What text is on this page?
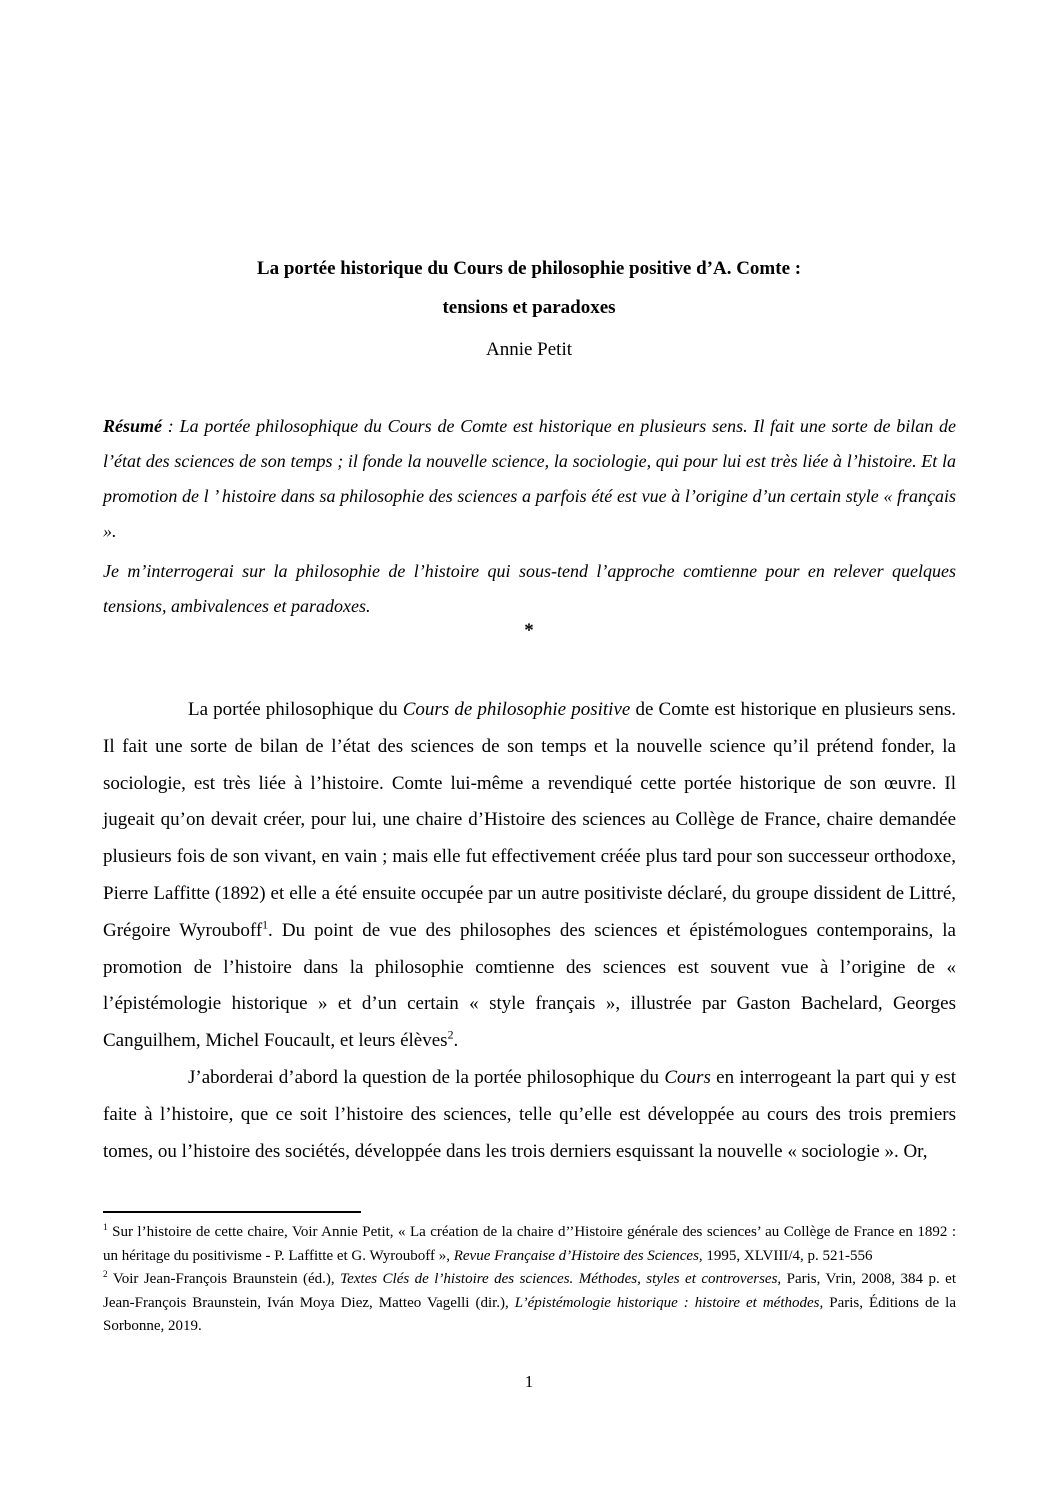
La portée historique du Cours de philosophie positive d’A. Comte :
tensions et paradoxes
Annie Petit

Résumé : La portée philosophique du Cours de Comte est historique en plusieurs sens. Il fait une sorte de bilan de l’état des sciences de son temps ; il fonde la nouvelle science, la sociologie, qui pour lui est très liée à l’histoire. Et la promotion de l ’ histoire dans sa philosophie des sciences a parfois été est vue à l’origine d’un certain style « français ».

Je m’interrogerai sur la philosophie de l’histoire qui sous-tend l’approche comtienne pour en relever quelques tensions, ambivalences et paradoxes.

*

La portée philosophique du Cours de philosophie positive de Comte est historique en plusieurs sens. Il fait une sorte de bilan de l’état des sciences de son temps et la nouvelle science qu’il prétend fonder, la sociologie, est très liée à l’histoire. Comte lui-même a revendiqué cette portée historique de son œuvre. Il jugeait qu’on devait créer, pour lui, une chaire d’Histoire des sciences au Collège de France, chaire demandée plusieurs fois de son vivant, en vain ; mais elle fut effectivement créée plus tard pour son successeur orthodoxe, Pierre Laffitte (1892) et elle a été ensuite occupée par un autre positiviste déclaré, du groupe dissident de Littré, Grégoire Wyrouboff$^1$. Du point de vue des philosophes des sciences et épistémologues contemporains, la promotion de l’histoire dans la philosophie comtienne des sciences est souvent vue à l’origine de « l’épistémologie historique » et d’un certain « style français », illustrée par Gaston Bachelard, Georges Canguilhem, Michel Foucault, et leurs élèves$^2$.

J’aborderai d’abord la question de la portée philosophique du Cours en interrogeant la part qui y est faite à l’histoire, que ce soit l’histoire des sciences, telle qu’elle est développée au cours des trois premiers tomes, ou l’histoire des sociétés, développée dans les trois derniers esquissant la nouvelle « sociologie ». Or,

$^1$ Sur l’histoire de cette chaire, Voir Annie Petit, « La création de la chaire d’’Histoire générale des sciences’ au Collège de France en 1892 : un héritage du positivisme - P. Laffitte et G. Wyrouboff », Revue Française d’Histoire des Sciences, 1995, XLVIII/4, p. 521-556

$^2$ Voir Jean-François Braunstein (éd.), Textes Clés de l’histoire des sciences. Méthodes, styles et controverses, Paris, Vrin, 2008, 384 p. et Jean-François Braunstein, Iván Moya Diez, Matteo Vagelli (dir.), L’épistémologie historique : histoire et méthodes, Paris, Éditions de la Sorbonne, 2019.

1
